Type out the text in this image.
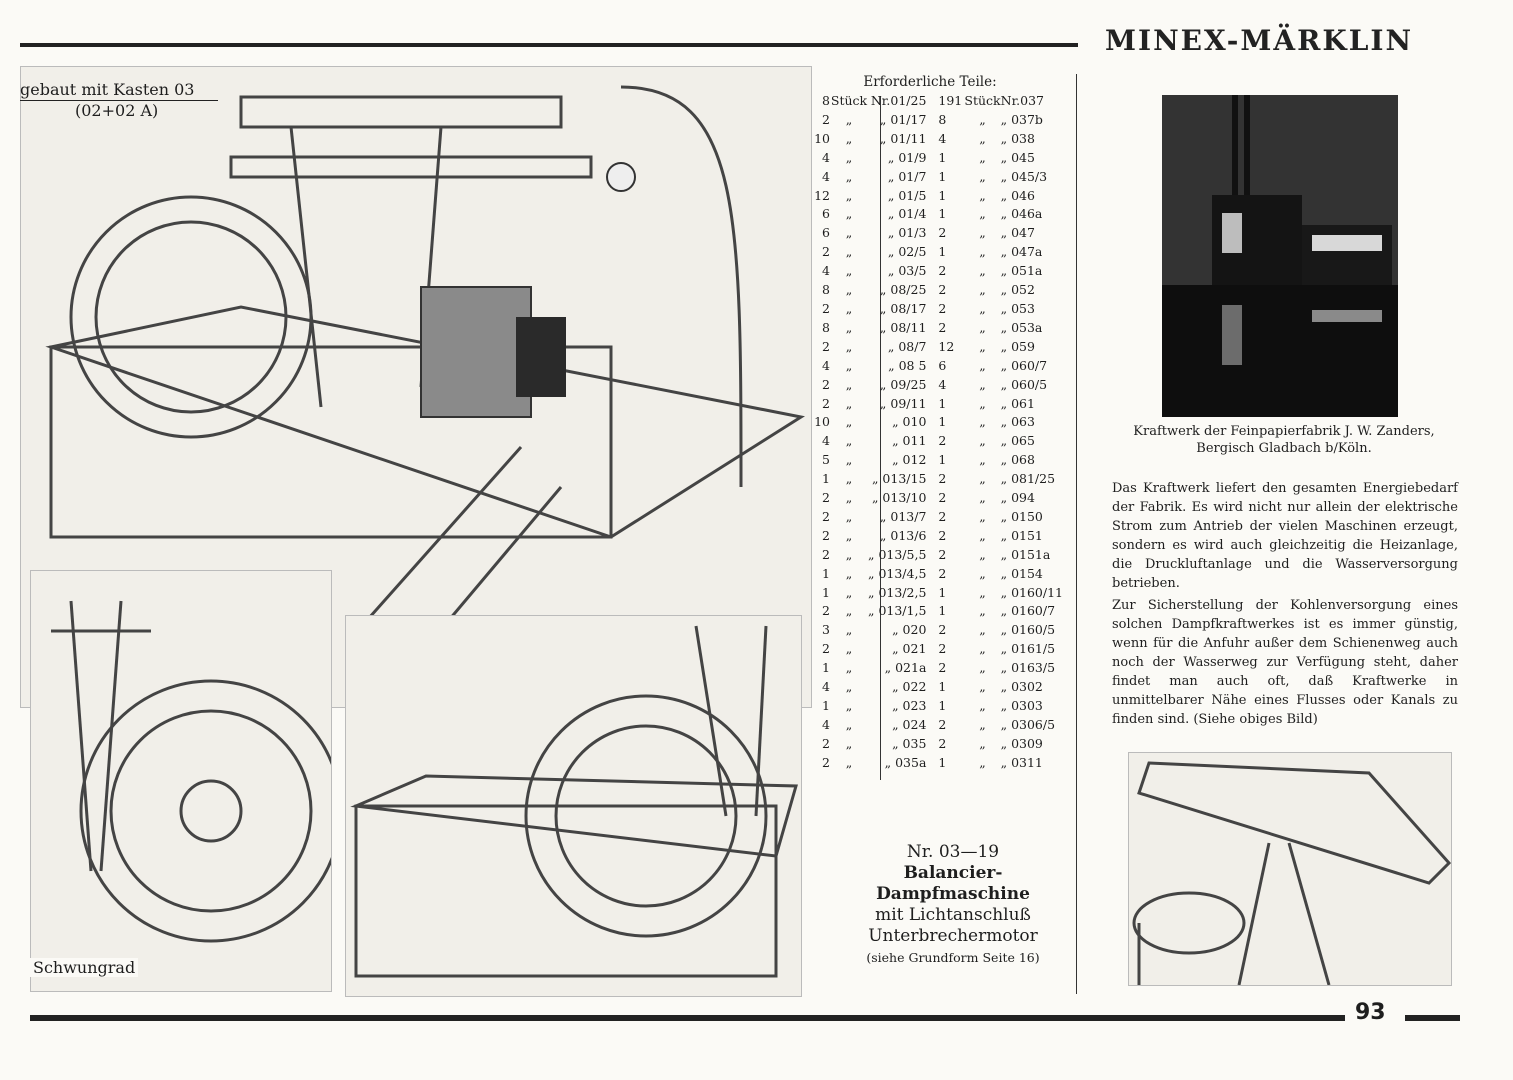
MINEX-MÄRKLIN
gebaut mit Kasten 03
(02+02 A)
Schwungrad
Erforderliche Teile:
8	Stück	Nr.01/25	191	Stück	Nr.037
2	„	„ 01/17	8	„	„ 037b
10	„	„ 01/11	4	„	„ 038
4	„	„ 01/9	1	„	„ 045
4	„	„ 01/7	1	„	„ 045/3
12	„	„ 01/5	1	„	„ 046
6	„	„ 01/4	1	„	„ 046a
6	„	„ 01/3	2	„	„ 047
2	„	„ 02/5	1	„	„ 047a
4	„	„ 03/5	2	„	„ 051a
8	„	„ 08/25	2	„	„ 052
2	„	„ 08/17	2	„	„ 053
8	„	„ 08/11	2	„	„ 053a
2	„	„ 08/7	12	„	„ 059
4	„	„ 08 5	6	„	„ 060/7
2	„	„ 09/25	4	„	„ 060/5
2	„	„ 09/11	1	„	„ 061
10	„	„ 010	1	„	„ 063
4	„	„ 011	2	„	„ 065
5	„	„ 012	1	„	„ 068
1	„	„ 013/15	2	„	„ 081/25
2	„	„ 013/10	2	„	„ 094
2	„	„ 013/7	2	„	„ 0150
2	„	„ 013/6	2	„	„ 0151
2	„	„ 013/5,5	2	„	„ 0151a
1	„	„ 013/4,5	2	„	„ 0154
1	„	„ 013/2,5	1	„	„ 0160/11
2	„	„ 013/1,5	1	„	„ 0160/7
3	„	„ 020	2	„	„ 0160/5
2	„	„ 021	2	„	„ 0161/5
1	„	„ 021a	2	„	„ 0163/5
4	„	„ 022	1	„	„ 0302
1	„	„ 023	1	„	„ 0303
4	„	„ 024	2	„	„ 0306/5
2	„	„ 035	2	„	„ 0309
2	„	„ 035a	1	„	„ 0311
Nr. 03—19
Balancier-
Dampfmaschine
mit Lichtanschluß
Unterbrechermotor
(siehe Grundform Seite 16)
Kraftwerk der Feinpapierfabrik J. W. Zanders,
Bergisch Gladbach b/Köln.
Das Kraftwerk liefert den gesamten Energiebedarf der Fabrik. Es wird nicht nur allein der elektrische Strom zum Antrieb der vielen Maschinen erzeugt, sondern es wird auch gleichzeitig die Heizanlage, die Druckluftanlage und die Wasserversorgung betrieben.
Zur Sicherstellung der Kohlenversorgung eines solchen Dampfkraftwerkes ist es immer günstig, wenn für die Anfuhr außer dem Schienenweg auch noch der Wasserweg zur Verfügung steht, daher findet man auch oft, daß Kraftwerke in unmittelbarer Nähe eines Flusses oder Kanals zu finden sind. (Siehe obiges Bild)
93
